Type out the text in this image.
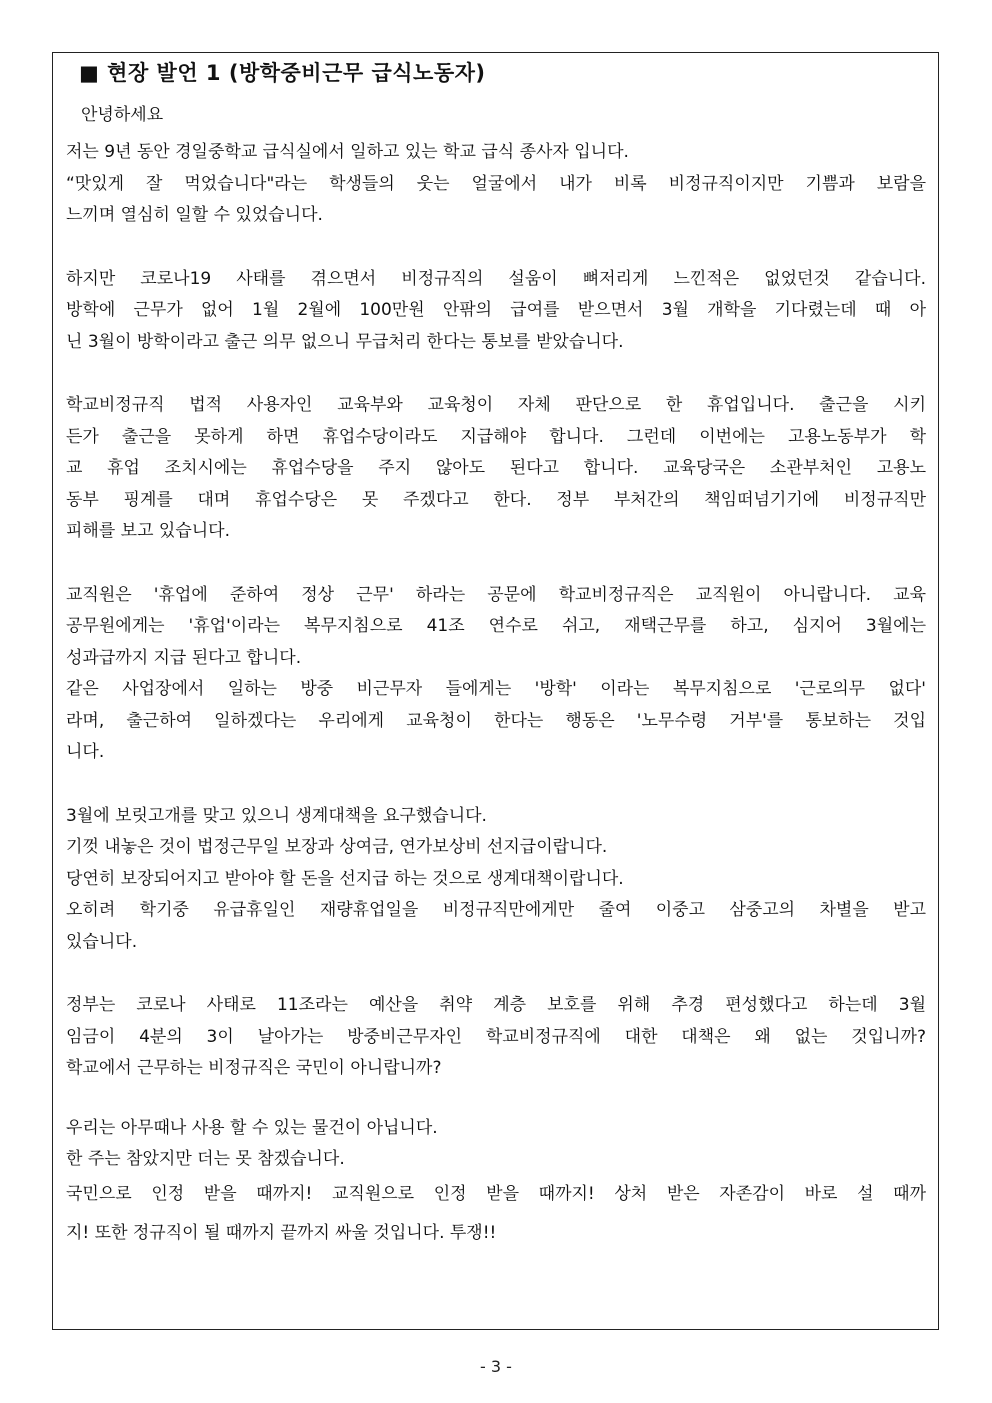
■ 현장 발언 1 (방학중비근무 급식노동자)
안녕하세요
저는 9년 동안 경일중학교 급식실에서 일하고 있는 학교 급식 종사자 입니다.
“맛있게 잘 먹었습니다"라는 학생들의 웃는 얼굴에서 내가 비록 비정규직이지만 기쁨과 보람을
느끼며 열심히 일할 수 있었습니다.
하지만 코로나19 사태를 겪으면서 비정규직의 설움이 뼈저리게 느낀적은 없었던것 같습니다.
방학에 근무가 없어 1월 2월에 100만원 안팎의 급여를 받으면서 3월 개학을 기다렸는데 때 아
닌 3월이 방학이라고 출근 의무 없으니 무급처리 한다는 통보를 받았습니다.
학교비정규직 법적 사용자인 교육부와 교육청이 자체 판단으로 한 휴업입니다. 출근을 시키
든가 출근을 못하게 하면 휴업수당이라도 지급해야 합니다. 그런데 이번에는 고용노동부가 학
교 휴업 조치시에는 휴업수당을 주지 않아도 된다고 합니다. 교육당국은 소관부처인 고용노
동부 핑계를 대며 휴업수당은 못 주겠다고 한다. 정부 부처간의 책임떠넘기기에 비정규직만
피해를 보고 있습니다.
교직원은 '휴업에 준하여 정상 근무' 하라는 공문에 학교비정규직은 교직원이 아니랍니다. 교육
공무원에게는 '휴업'이라는 복무지침으로 41조 연수로 쉬고, 재택근무를 하고, 심지어 3월에는
성과급까지 지급 된다고 합니다.
같은 사업장에서 일하는 방중 비근무자 들에게는 '방학' 이라는 복무지침으로 '근로의무 없다'
라며, 출근하여 일하겠다는 우리에게 교육청이 한다는 행동은 '노무수령 거부'를 통보하는 것입
니다.
3월에 보릿고개를 맞고 있으니 생계대책을 요구했습니다.
기껏 내놓은 것이 법정근무일 보장과 상여금, 연가보상비 선지급이랍니다.
당연히 보장되어지고 받아야 할 돈을 선지급 하는 것으로 생계대책이랍니다.
오히려 학기중 유급휴일인 재량휴업일을 비정규직만에게만 줄여 이중고 삼중고의 차별을 받고
있습니다.
정부는 코로나 사태로 11조라는 예산을 취약 계층 보호를 위해 추경 편성했다고 하는데 3월
임금이 4분의 3이 날아가는 방중비근무자인 학교비정규직에 대한 대책은 왜 없는 것입니까?
학교에서 근무하는 비정규직은 국민이 아니랍니까?
우리는 아무때나 사용 할 수 있는 물건이 아닙니다.
한 주는 참았지만 더는 못 참겠습니다.
국민으로 인정 받을 때까지! 교직원으로 인정 받을 때까지! 상처 받은 자존감이 바로 설 때까
지! 또한 정규직이 될 때까지 끝까지 싸울 것입니다. 투쟁!!
- 3 -
